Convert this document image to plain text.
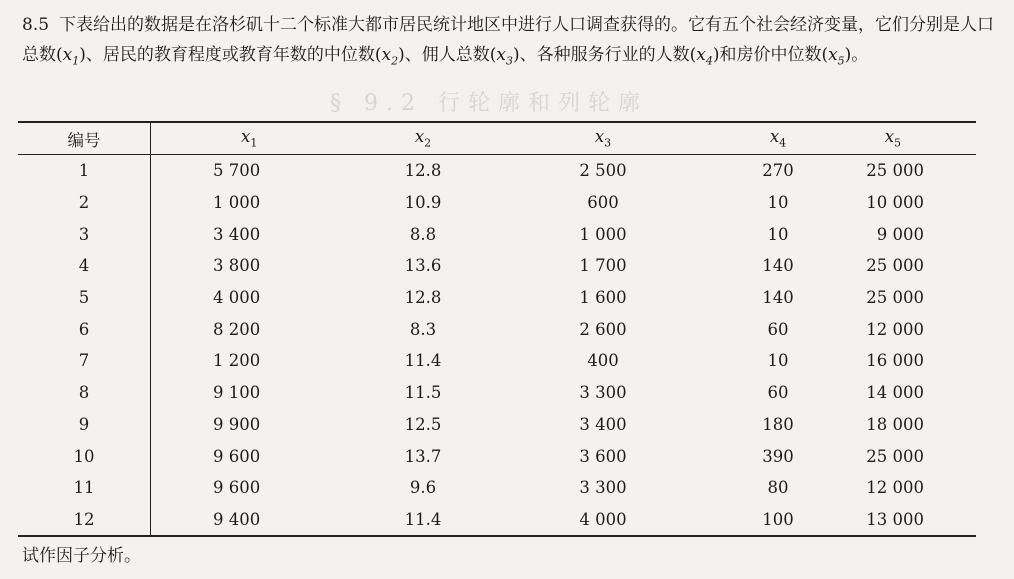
§ 9.2 行轮廓和列轮廓
8.5 下表给出的数据是在洛杉矶十二个标准大都市居民统计地区中进行人口调查获得的。它有五个社会经济变量，它们分别是人口总数$(x_1)$、居民的教育程度或教育年数的中位数$(x_2)$、佣人总数$(x_3)$、各种服务行业的人数$(x_4)$和房价中位数$(x_5)$。
编号	$x_1$	$x_2$	$x_3$	$x_4$	$x_5$
1	5 700	12.8	2 500	270	25 000
2	1 000	10.9	600	10	10 000
3	3 400	8.8	1 000	10	9 000
4	3 800	13.6	1 700	140	25 000
5	4 000	12.8	1 600	140	25 000
6	8 200	8.3	2 600	60	12 000
7	1 200	11.4	400	10	16 000
8	9 100	11.5	3 300	60	14 000
9	9 900	12.5	3 400	180	18 000
10	9 600	13.7	3 600	390	25 000
11	9 600	9.6	3 300	80	12 000
12	9 400	11.4	4 000	100	13 000
试作因子分析。
